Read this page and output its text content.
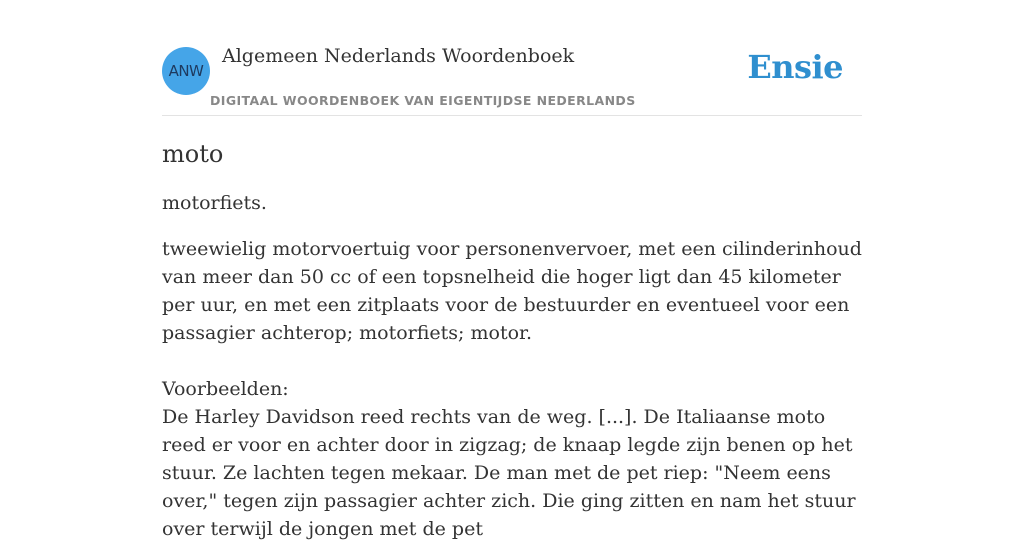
ANW
Algemeen Nederlands Woordenboek
DIGITAAL WOORDENBOEK VAN EIGENTIJDSE NEDERLANDS
Ensie
moto

motorfiets.

tweewielig motorvoertuig voor personenvervoer, met een cilinderinhoud van meer dan 50 cc of een topsnelheid die hoger ligt dan 45 kilometer per uur, en met een zitplaats voor de bestuurder en eventueel voor een passagier achterop; motorfiets; motor.

Voorbeelden:

De Harley Davidson reed rechts van de weg. [...]. De Italiaanse moto reed er voor en achter door in zigzag; de knaap legde zijn benen op het stuur. Ze lachten tegen mekaar. De man met de pet riep: "Neem eens over," tegen zijn passagier achter zich. Die ging zitten en nam het stuur over terwijl de jongen met de pet
